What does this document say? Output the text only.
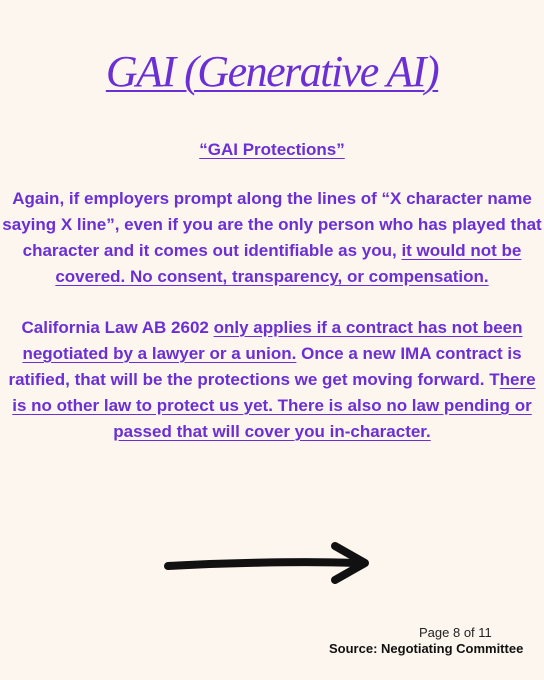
GAI (Generative AI)
“GAI Protections”
Again, if employers prompt along the lines of “X character name
saying X line”, even if you are the only person who has played that
character and it comes out identifiable as you, it would not be
covered. No consent, transparency, or compensation.
California Law AB 2602 only applies if a contract has not been
negotiated by a lawyer or a union. Once a new IMA contract is
ratified, that will be the protections we get moving forward. There
is no other law to protect us yet. There is also no law pending or
passed that will cover you in-character.
Page 8 of 11
Source: Negotiating Committee
